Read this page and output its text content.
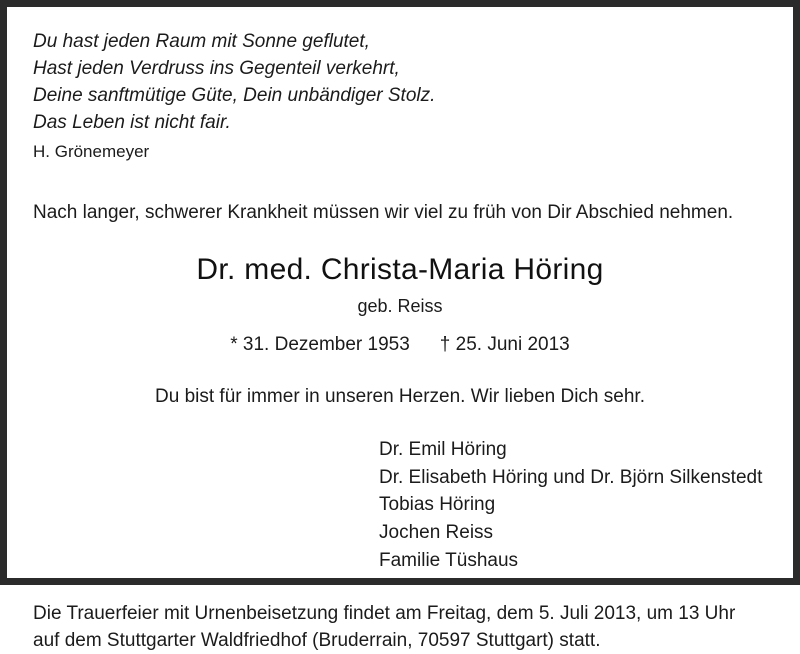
Du hast jeden Raum mit Sonne geflutet,
Hast jeden Verdruss ins Gegenteil verkehrt,
Deine sanftmütige Güte, Dein unbändiger Stolz.
Das Leben ist nicht fair.
H. Grönemeyer
Nach langer, schwerer Krankheit müssen wir viel zu früh von Dir Abschied nehmen.
Dr. med. Christa-Maria Höring
geb. Reiss
* 31. Dezember 1953 † 25. Juni 2013
Du bist für immer in unseren Herzen. Wir lieben Dich sehr.
Dr. Emil Höring
Dr. Elisabeth Höring und Dr. Björn Silkenstedt
Tobias Höring
Jochen Reiss
Familie Tüshaus
Die Trauerfeier mit Urnenbeisetzung findet am Freitag, dem 5. Juli 2013, um 13 Uhr
auf dem Stuttgarter Waldfriedhof (Bruderrain, 70597 Stuttgart) statt.
